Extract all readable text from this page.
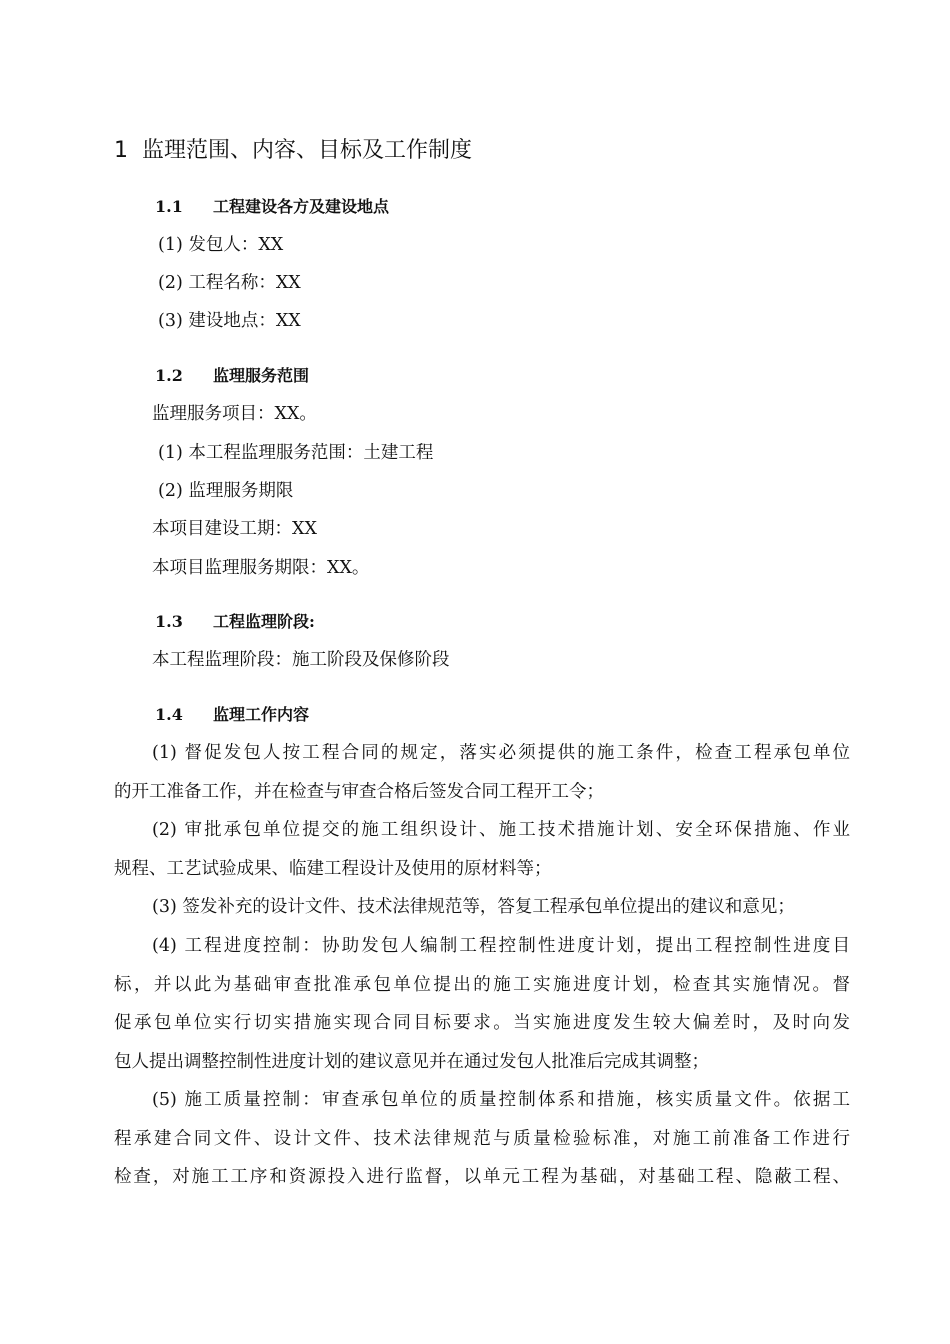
1 监理范围、内容、目标及工作制度
1.1 工程建设各方及建设地点
(1) 发包人：XX
(2) 工程名称：XX
(3) 建设地点：XX
1.2 监理服务范围
监理服务项目：XX。
(1) 本工程监理服务范围：土建工程
(2) 监理服务期限
本项目建设工期：XX
本项目监理服务期限：XX。
1.3 工程监理阶段:
本工程监理阶段：施工阶段及保修阶段
1.4 监理工作内容
(1) 督促发包人按工程合同的规定，落实必须提供的施工条件，检查工程承包单位
的开工准备工作，并在检查与审查合格后签发合同工程开工令；
(2) 审批承包单位提交的施工组织设计、施工技术措施计划、安全环保措施、作业
规程、工艺试验成果、临建工程设计及使用的原材料等；
(3) 签发补充的设计文件、技术法律规范等，答复工程承包单位提出的建议和意见；
(4) 工程进度控制：协助发包人编制工程控制性进度计划，提出工程控制性进度目
标，并以此为基础审查批准承包单位提出的施工实施进度计划，检查其实施情况。督
促承包单位实行切实措施实现合同目标要求。当实施进度发生较大偏差时，及时向发
包人提出调整控制性进度计划的建议意见并在通过发包人批准后完成其调整；
(5) 施工质量控制：审查承包单位的质量控制体系和措施，核实质量文件。依据工
程承建合同文件、设计文件、技术法律规范与质量检验标准，对施工前准备工作进行
检查，对施工工序和资源投入进行监督，以单元工程为基础，对基础工程、隐蔽工程、
